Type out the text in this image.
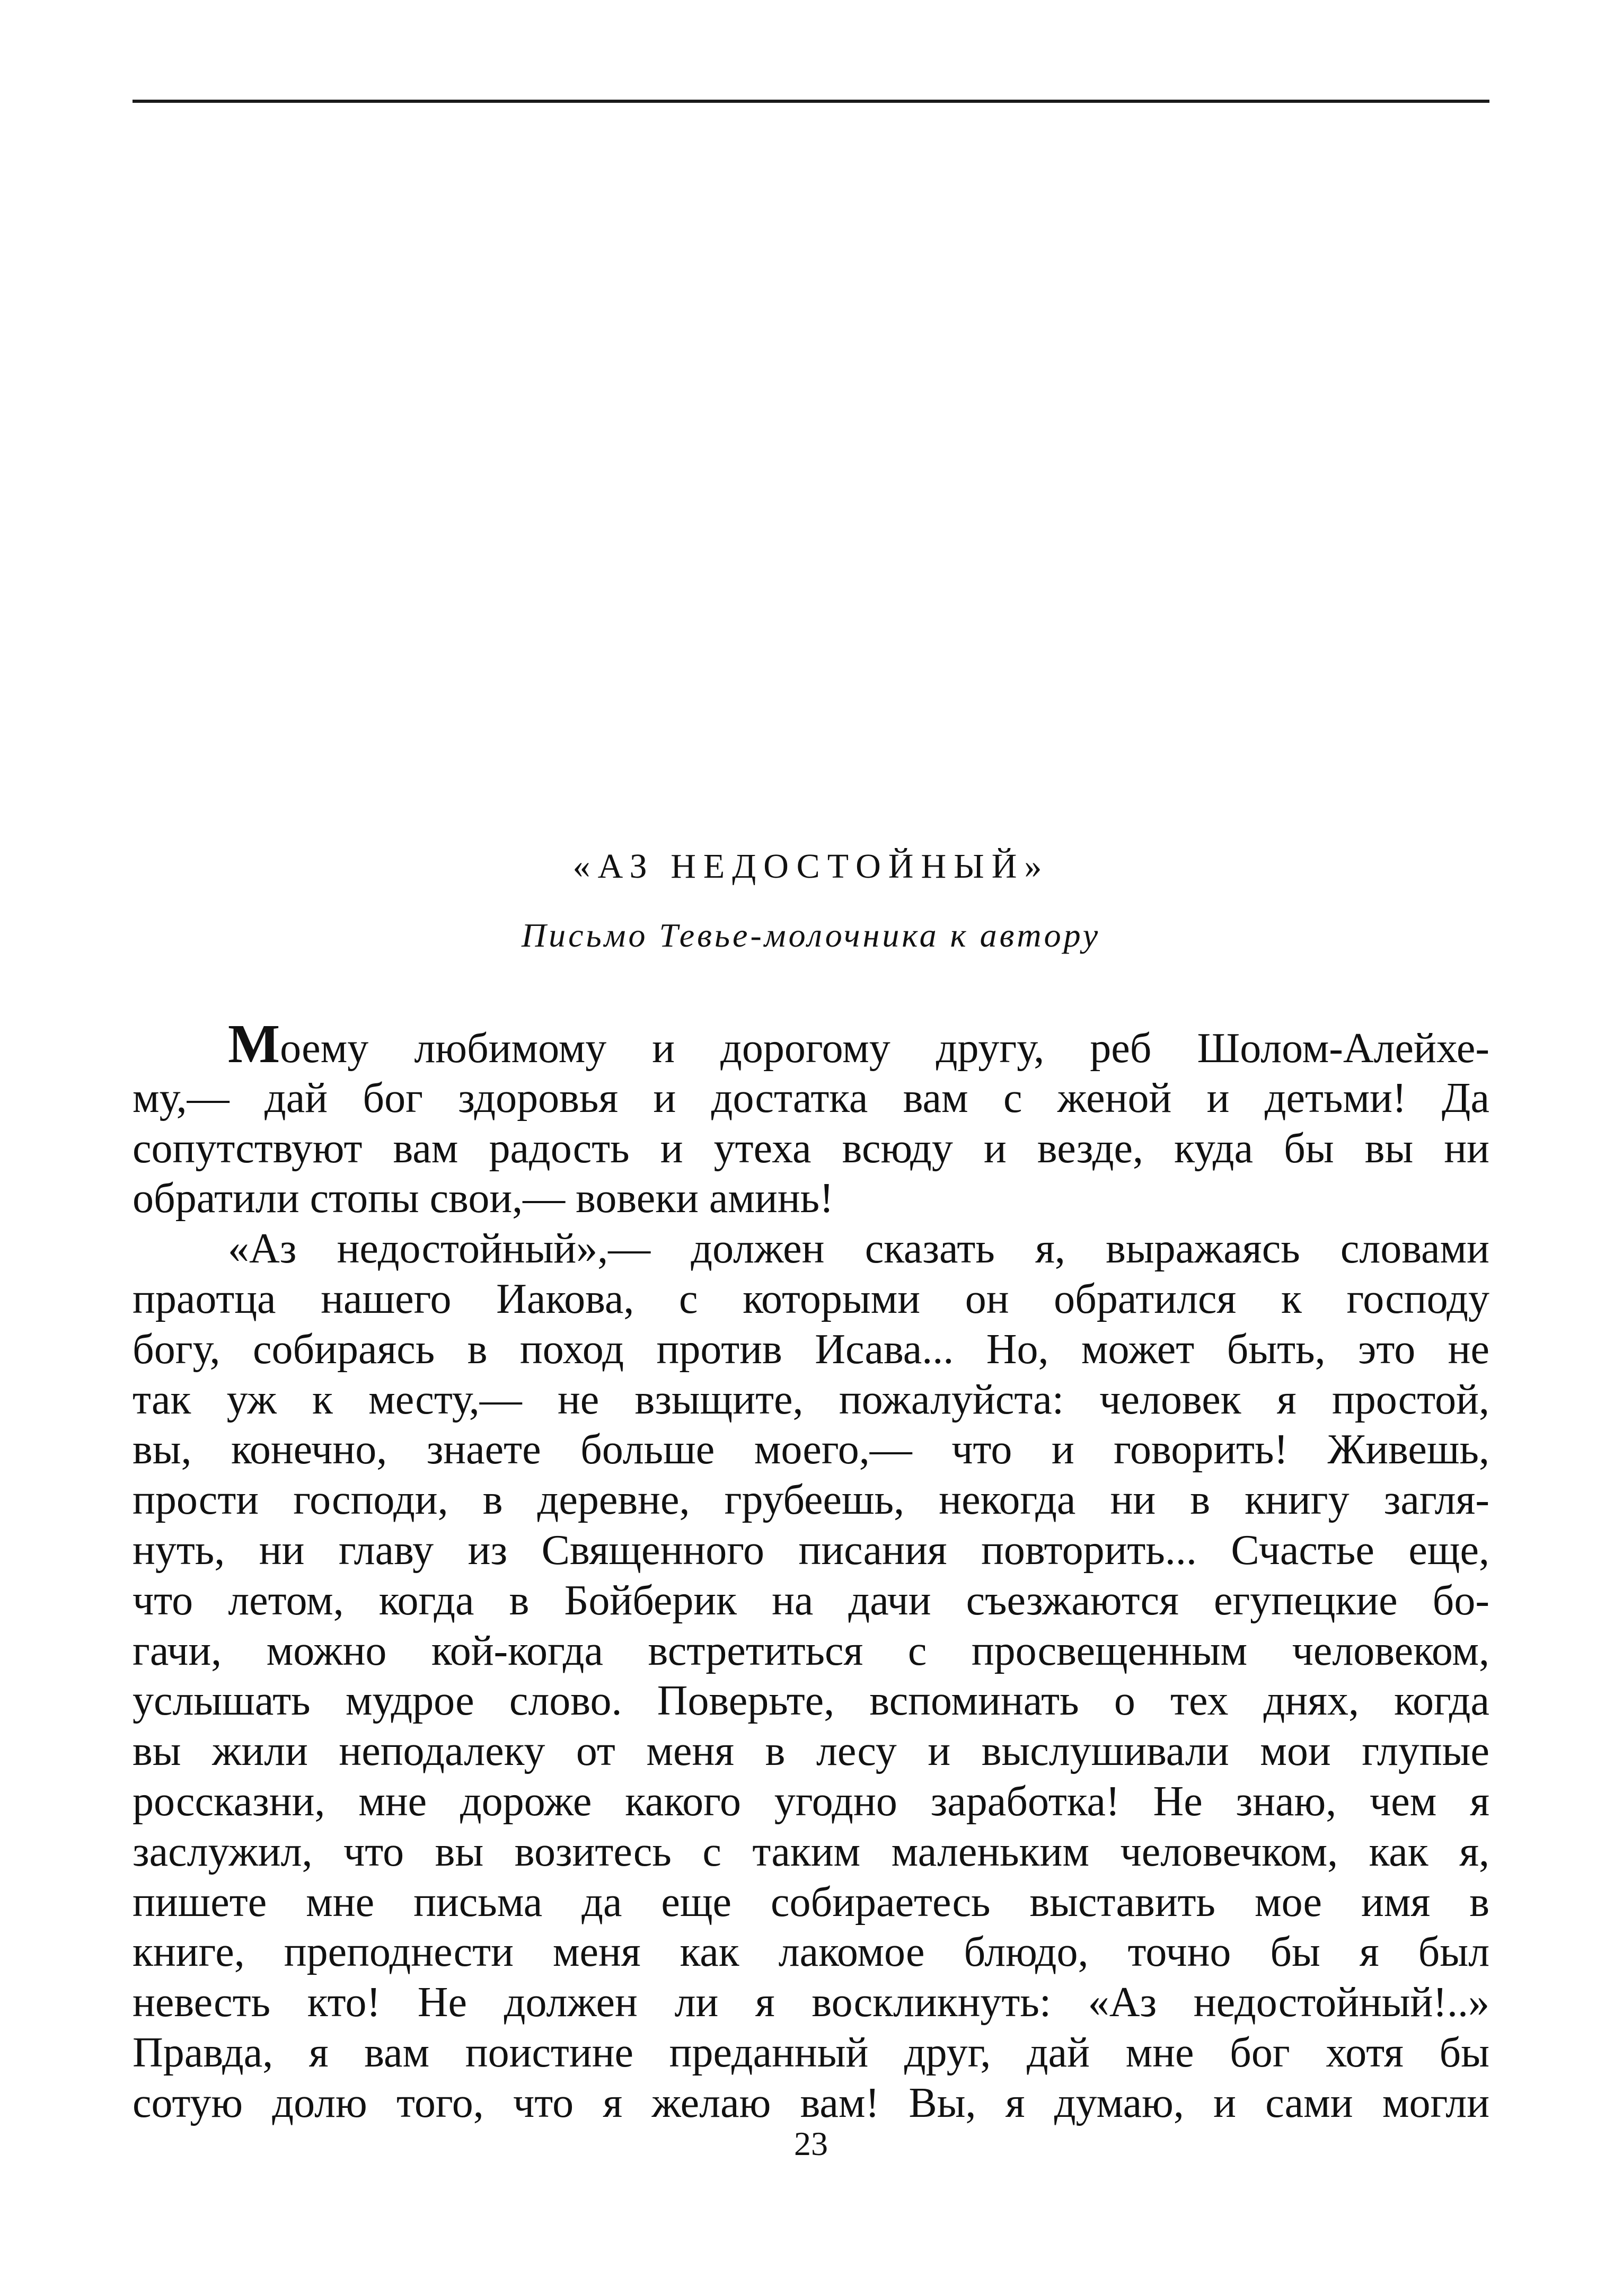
«АЗ НЕДОСТОЙНЫЙ»
Письмо Тевье-молочника к автору
Моему любимому и дорогому другу, реб Шолом-Алейхе-
му,— дай бог здоровья и достатка вам с женой и детьми! Да
сопутствуют вам радость и утеха всюду и везде, куда бы вы ни
обратили стопы свои,— вовеки аминь!
«Аз недостойный»,— должен сказать я, выражаясь словами
праотца нашего Иакова, с которыми он обратился к господу
богу, собираясь в поход против Исава... Но, может быть, это не
так уж к месту,— не взыщите, пожалуйста: человек я простой,
вы, конечно, знаете больше моего,— что и говорить! Живешь,
прости господи, в деревне, грубеешь, некогда ни в книгу загля-
нуть, ни главу из Священного писания повторить... Счастье еще,
что летом, когда в Бойберик на дачи съезжаются егупецкие бо-
гачи, можно кой-когда встретиться с просвещенным человеком,
услышать мудрое слово. Поверьте, вспоминать о тех днях, когда
вы жили неподалеку от меня в лесу и выслушивали мои глупые
россказни, мне дороже какого угодно заработка! Не знаю, чем я
заслужил, что вы возитесь с таким маленьким человечком, как я,
пишете мне письма да еще собираетесь выставить мое имя в
книге, преподнести меня как лакомое блюдо, точно бы я был
невесть кто! Не должен ли я воскликнуть: «Аз недостойный!..»
Правда, я вам поистине преданный друг, дай мне бог хотя бы
сотую долю того, что я желаю вам! Вы, я думаю, и сами могли
23
